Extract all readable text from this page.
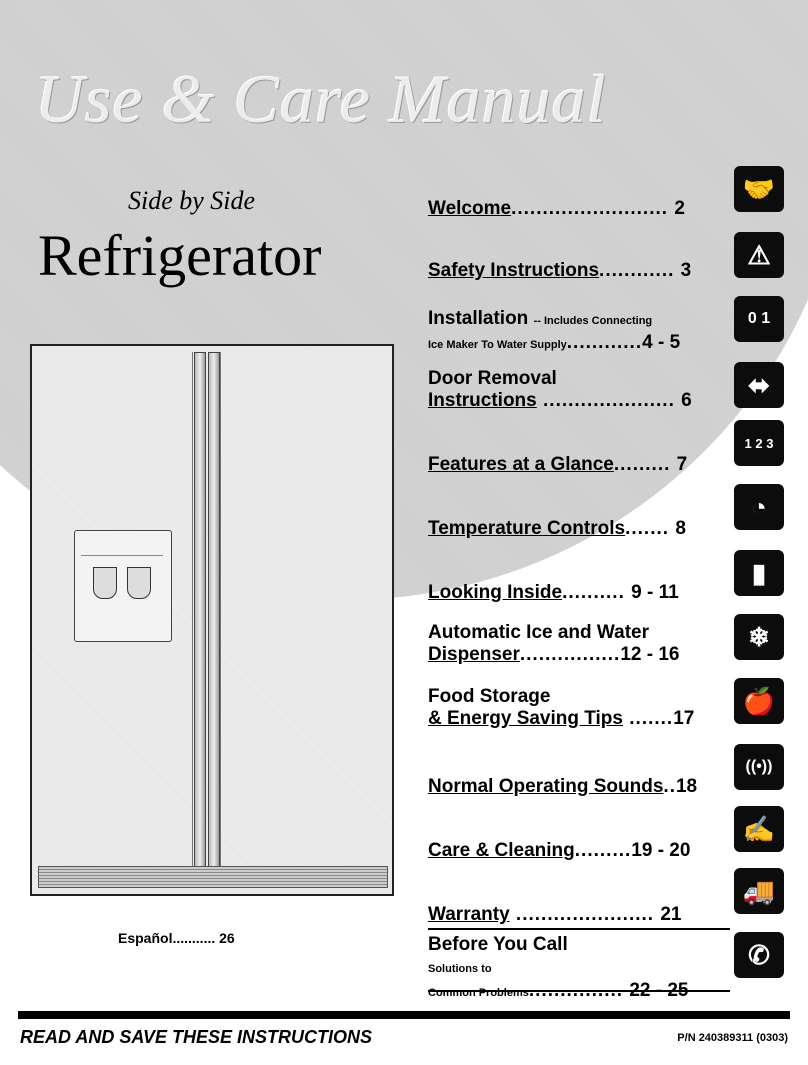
Use & Care Manual
Side by Side
Refrigerator
Español........... 26
Welcome......................... 2
🤝
Safety Instructions............ 3
⚠
Installation -- Includes Connecting
Ice Maker To Water Supply............4 - 5
0 1
Door Removal
Instructions ..................... 6
⬌
Features at a Glance......... 7
1 2 3
Temperature Controls....... 8
◔
Looking Inside.......... 9 - 11
▮
Automatic Ice and Water
Dispenser................12 - 16
❄
Food Storage
& Energy Saving Tips .......17
🍎
Normal Operating Sounds..18
((•))
Care & Cleaning.........19 - 20
✍
Warranty ...................... 21
🚚
Before You Call
Solutions to
Common Problems............... 22 - 25
✆
READ AND SAVE THESE INSTRUCTIONS	P/N 240389311 (0303)
